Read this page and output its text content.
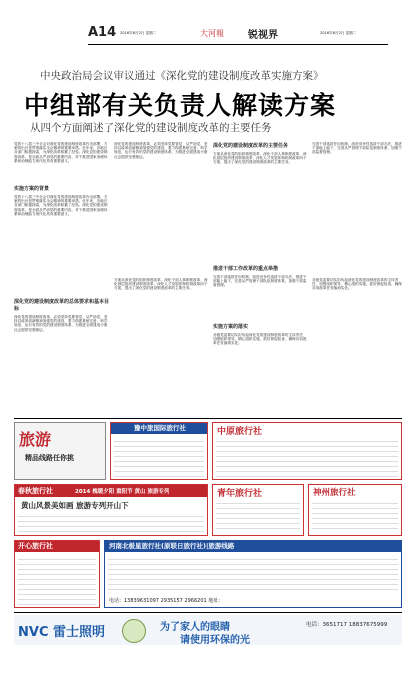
A14 2016年8月2日 星期二	大河報 锐视界	2016年8月2日 星期二
中央政治局会议审议通过《深化党的建设制度改革实施方案》
中组部有关负责人解读方案
从四个方面阐述了深化党的建设制度改革的主要任务
党的十八届三中全会对深化党的建设制度改革作出部署，方案的出台是贯彻落实全会精神的重要举措。近年来，各地区各部门积极探索，为深化改革积累了经验。深化党的建设制度改革，是全面从严治党的重要内容，对于推进国家治理体系和治理能力现代化具有重要意义。
实施方案的背景
党的十八届三中全会对深化党的建设制度改革作出部署，方案的出台是贯彻落实全会精神的重要举措。近年来，各地区各部门积极探索，为深化改革积累了经验。深化党的建设制度改革，是全面从严治党的重要内容，对于推进国家治理体系和治理能力现代化具有重要意义。
深化党的建设制度改革的总体要求和基本目标
深化党的建设制度改革，必须坚持党要管党、从严治党，坚持以改革创新精神加强党的建设，着力构建系统完备、科学规范、运行有效的党的建设制度体系，为推进全面建成小康社会提供坚强保证。
深化党的建设制度改革，必须坚持党要管党、从严治党，坚持以改革创新精神加强党的建设，着力构建系统完备、科学规范、运行有效的党的建设制度体系，为推进全面建成小康社会提供坚强保证。
方案从深化党的组织制度改革、深化干部人事制度改革、深化基层组织建设制度改革、深化人才发展体制机制改革四个方面，提出了深化党的建设制度改革的主要任务。
深化党的建设制度改革的主要任务
方案从深化党的组织制度改革、深化干部人事制度改革、深化基层组织建设制度改革、深化人才发展体制机制改革四个方面，提出了深化党的建设制度改革的主要任务。
推进干部工作改革的重点举措
完善干部选拔任用机制，改进竞争性选拔干部办法，推进干部能上能下，完善从严管理干部队伍制度体系，加强干部监督管理。
实施方案的落实
各级党委要切实担负起深化党的建设制度改革的主体责任，加强组织领导，精心组织实施，抓好督促检查，确保各项改革任务落到实处。
完善干部选拔任用机制，改进竞争性选拔干部办法，推进干部能上能下，完善从严管理干部队伍制度体系，加强干部监督管理。
各级党委要切实担负起深化党的建设制度改革的主体责任，加强组织领导，精心组织实施，抓好督促检查，确保各项改革任务落到实处。
旅游
精品线路任你挑
豫中旅国际旅行社	中原旅行社
春秋旅行社	2014 槐暖夕阳 重阳节 黄山 旅游专列
黄山风景美如画 旅游专列开山下
青年旅行社	神州旅行社
开心旅行社	河南北极星旅行社(原联日旅行社)|旅游线路
电话：13839631097 2935157 2966201 地址：
NVC 雷士照明	为了家人的眼睛
请使用环保的光
电话：3651717 18837675999
